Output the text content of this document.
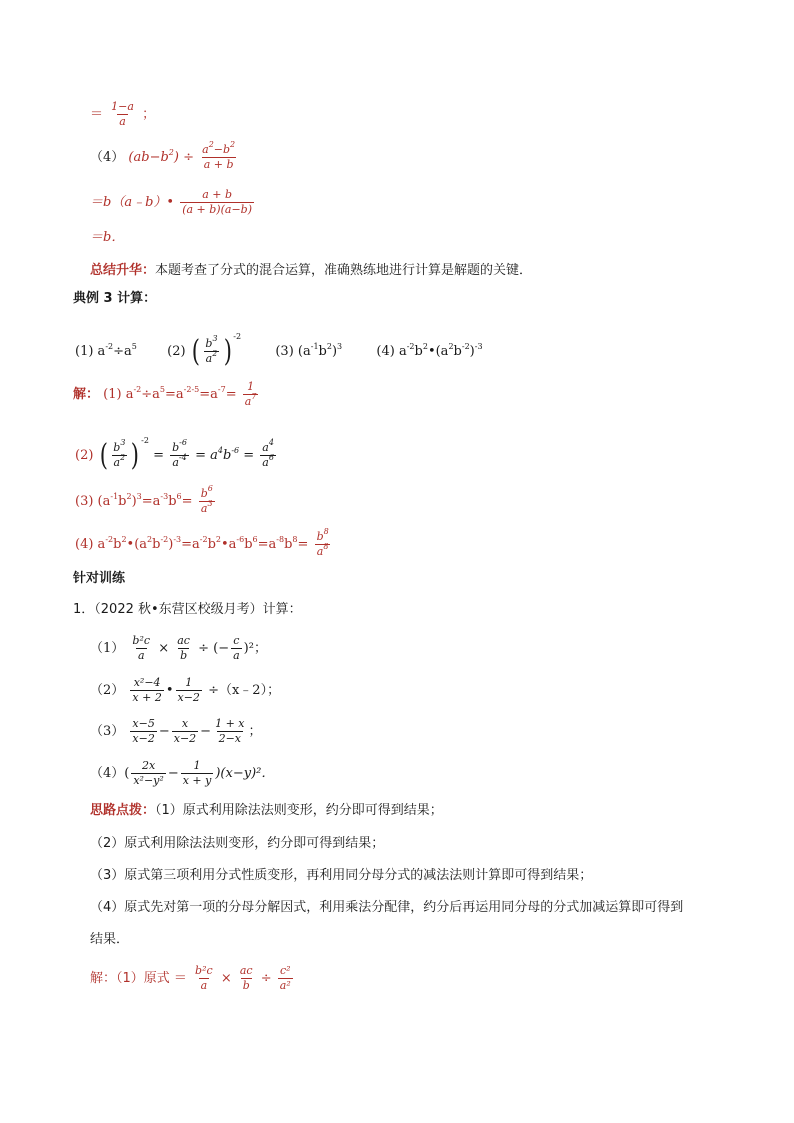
＝ $\frac{1-a}{a}$ ；
（4） $(ab-b^2) \div \frac{a^2-b^2}{a + b}$
＝b（a﹣b）• $\frac{a + b}{(a + b)(a-b)}$
＝b．
总结升华：本题考查了分式的混合运算，准确熟练地进行计算是解题的关键．
典例 3 计算：
(1) $a^{-2}\div a^5$ (2) ( $\frac{b^3}{a^2}$ ) $^{-2}$  (3) $(a^{-1}b^2)^3$	(4) $a^{-2}b^2•(a^2b^{-2})^{-3}$
解： (1) $a^{-2}\div a^5=a^{-2-5}=a^{-7}= \frac{1}{a^7}$
(2) ( $\frac{b^3}{a^2}$ ) $^{-2} = \frac{b^{-6}}{a^{-4}} = a^4b^{-6} = \frac{a^4}{a^6}$
(3) $(a^{-1}b^2)^3=a^{-3}b^6= \frac{b^6}{a^3}$
(4) $a^{-2}b^2•(a^2b^{-2})^{-3}=a^{-2}b^2•a^{-6}b^6=a^{-8}b^8= \frac{b^8}{a^8}$
针对训练
1．（2022 秋•东营区校级月考）计算：
$(1) \frac{\text{b²c}}{a} \times \frac{ac}{b}$ ÷ (− $\frac{c}{a} )^2$；
$(2) \frac{\text{x²−4}}{x + 2}$ • $\frac{1}{x-2}$ ÷（x﹣2）；
$(3) \frac{x-5}{x-2} - \frac{x}{x-2} - \frac{1 + x}{2-x}$ ；
$(4)( \frac{2x}{\text{x²−y²}} - \frac{1}{x + y} )(x-y)^2$．
思路点拨：（1）原式利用除法法则变形，约分即可得到结果；
（2）原式利用除法法则变形，约分即可得到结果；
（3）原式第三项利用分式性质变形，再利用同分母分式的减法法则计算即可得到结果；
（4）原式先对第一项的分母分解因式，利用乘法分配律，约分后再运用同分母的分式加减运算即可得到
结果．
解：（1）原式 ＝ $\frac{\text{b²c}}{a} \times \frac{ac}{b} \div \frac{\text{c²}}{\text{a²}}$
